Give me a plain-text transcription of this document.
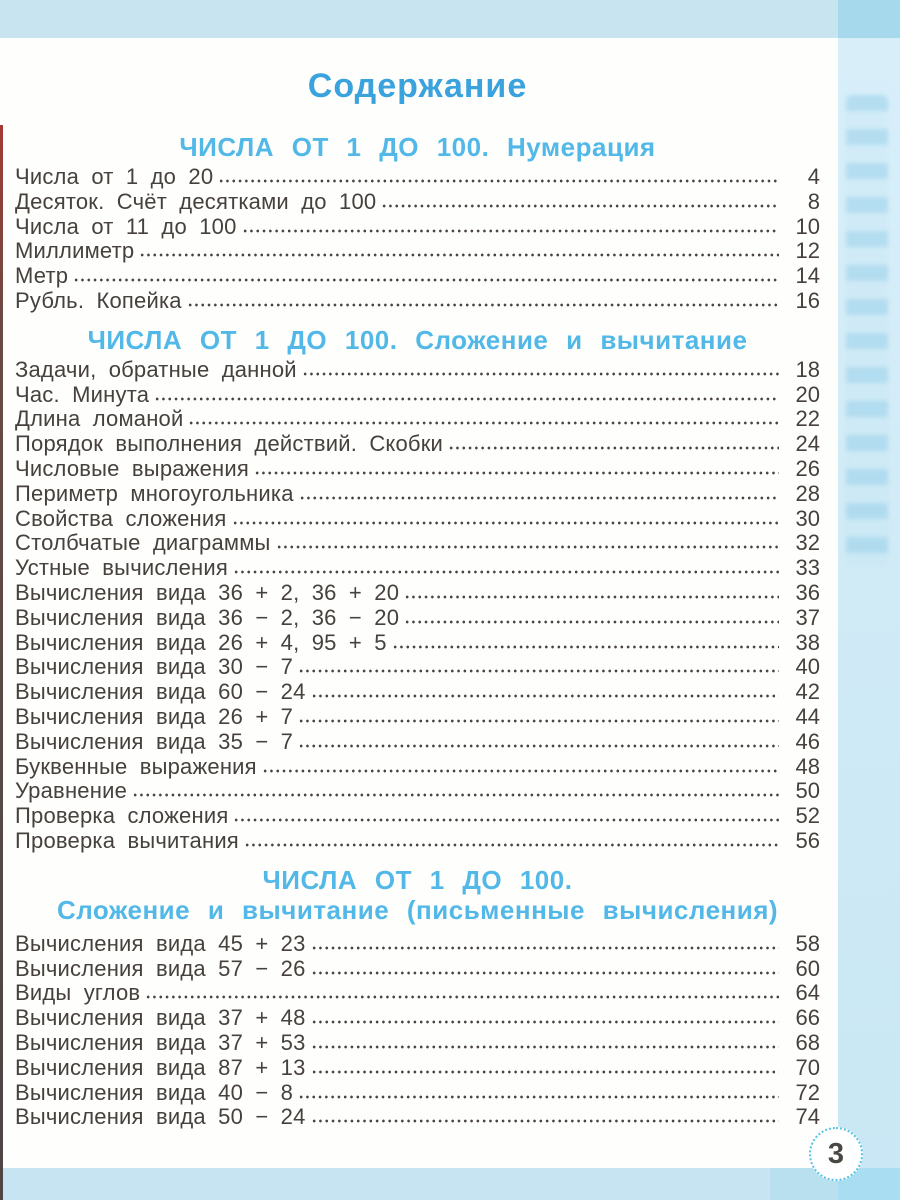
Содержание
ЧИСЛА ОТ 1 ДО 100. Нумерация
Числа от 1 до 20	4
Десяток. Счёт десятками до 100	8
Числа от 11 до 100	10
Миллиметр	12
Метр	14
Рубль. Копейка	16
ЧИСЛА ОТ 1 ДО 100. Сложение и вычитание
Задачи, обратные данной	18
Час. Минута	20
Длина ломаной	22
Порядок выполнения действий. Скобки	24
Числовые выражения	26
Периметр многоугольника	28
Свойства сложения	30
Столбчатые диаграммы	32
Устные вычисления	33
Вычисления вида 36 + 2, 36 + 20	36
Вычисления вида 36 − 2, 36 − 20	37
Вычисления вида 26 + 4, 95 + 5	38
Вычисления вида 30 − 7	40
Вычисления вида 60 − 24	42
Вычисления вида 26 + 7	44
Вычисления вида 35 − 7	46
Буквенные выражения	48
Уравнение	50
Проверка сложения	52
Проверка вычитания	56
ЧИСЛА ОТ 1 ДО 100.
Сложение и вычитание (письменные вычисления)
Вычисления вида 45 + 23	58
Вычисления вида 57 − 26	60
Виды углов	64
Вычисления вида 37 + 48	66
Вычисления вида 37 + 53	68
Вычисления вида 87 + 13	70
Вычисления вида 40 − 8	72
Вычисления вида 50 − 24	74
3
